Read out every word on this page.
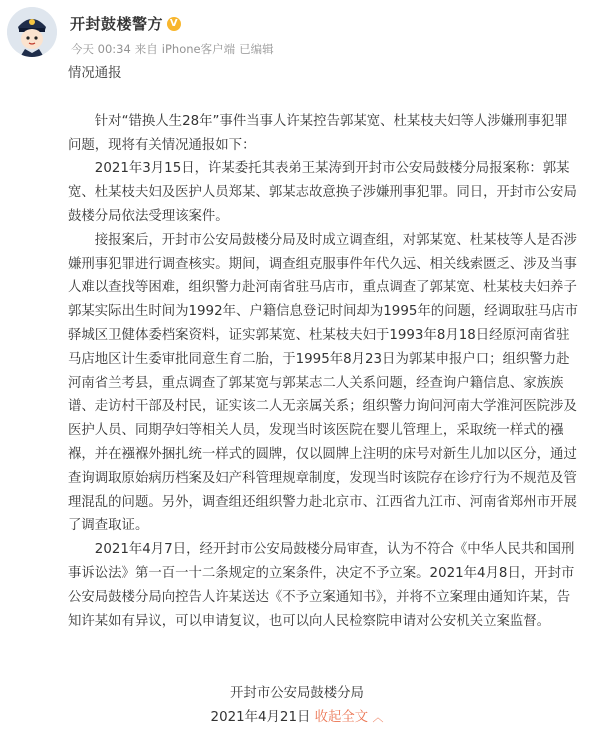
开封鼓楼警方 V
今天 00:34 来自 iPhone客户端 已编辑

情况通报

针对“错换人生28年”事件当事人许某控告郭某宽、杜某枝夫妇等人涉嫌刑事犯罪问题，现将有关情况通报如下：

2021年3月15日，许某委托其表弟王某涛到开封市公安局鼓楼分局报案称：郭某宽、杜某枝夫妇及医护人员郑某、郭某志故意换子涉嫌刑事犯罪。同日，开封市公安局鼓楼分局依法受理该案件。

接报案后，开封市公安局鼓楼分局及时成立调查组，对郭某宽、杜某枝等人是否涉嫌刑事犯罪进行调查核实。期间，调查组克服事件年代久远、相关线索匮乏、涉及当事人难以查找等困难，组织警力赴河南省驻马店市，重点调查了郭某宽、杜某枝夫妇养子郭某实际出生时间为1992年、户籍信息登记时间却为1995年的问题，经调取驻马店市驿城区卫健体委档案资料，证实郭某宽、杜某枝夫妇于1993年8月18日经原河南省驻马店地区计生委审批同意生育二胎，于1995年8月23日为郭某申报户口；组织警力赴河南省兰考县，重点调查了郭某宽与郭某志二人关系问题，经查询户籍信息、家族族谱、走访村干部及村民，证实该二人无亲属关系；组织警力询问河南大学淮河医院涉及医护人员、同期孕妇等相关人员，发现当时该医院在婴儿管理上，采取统一样式的襁褓，并在襁褓外捆扎统一样式的圆牌，仅以圆牌上注明的床号对新生儿加以区分，通过查询调取原始病历档案及妇产科管理规章制度，发现当时该院存在诊疗行为不规范及管理混乱的问题。另外，调查组还组织警力赴北京市、江西省九江市、河南省郑州市开展了调查取证。

2021年4月7日，经开封市公安局鼓楼分局审查，认为不符合《中华人民共和国刑事诉讼法》第一百一十二条规定的立案条件，决定不予立案。2021年4月8日，开封市公安局鼓楼分局向控告人许某送达《不予立案通知书》，并将不立案理由通知许某，告知许某如有异议，可以申请复议，也可以向人民检察院申请对公安机关立案监督。

开封市公安局鼓楼分局
2021年4月21日 收起全文 ︿
